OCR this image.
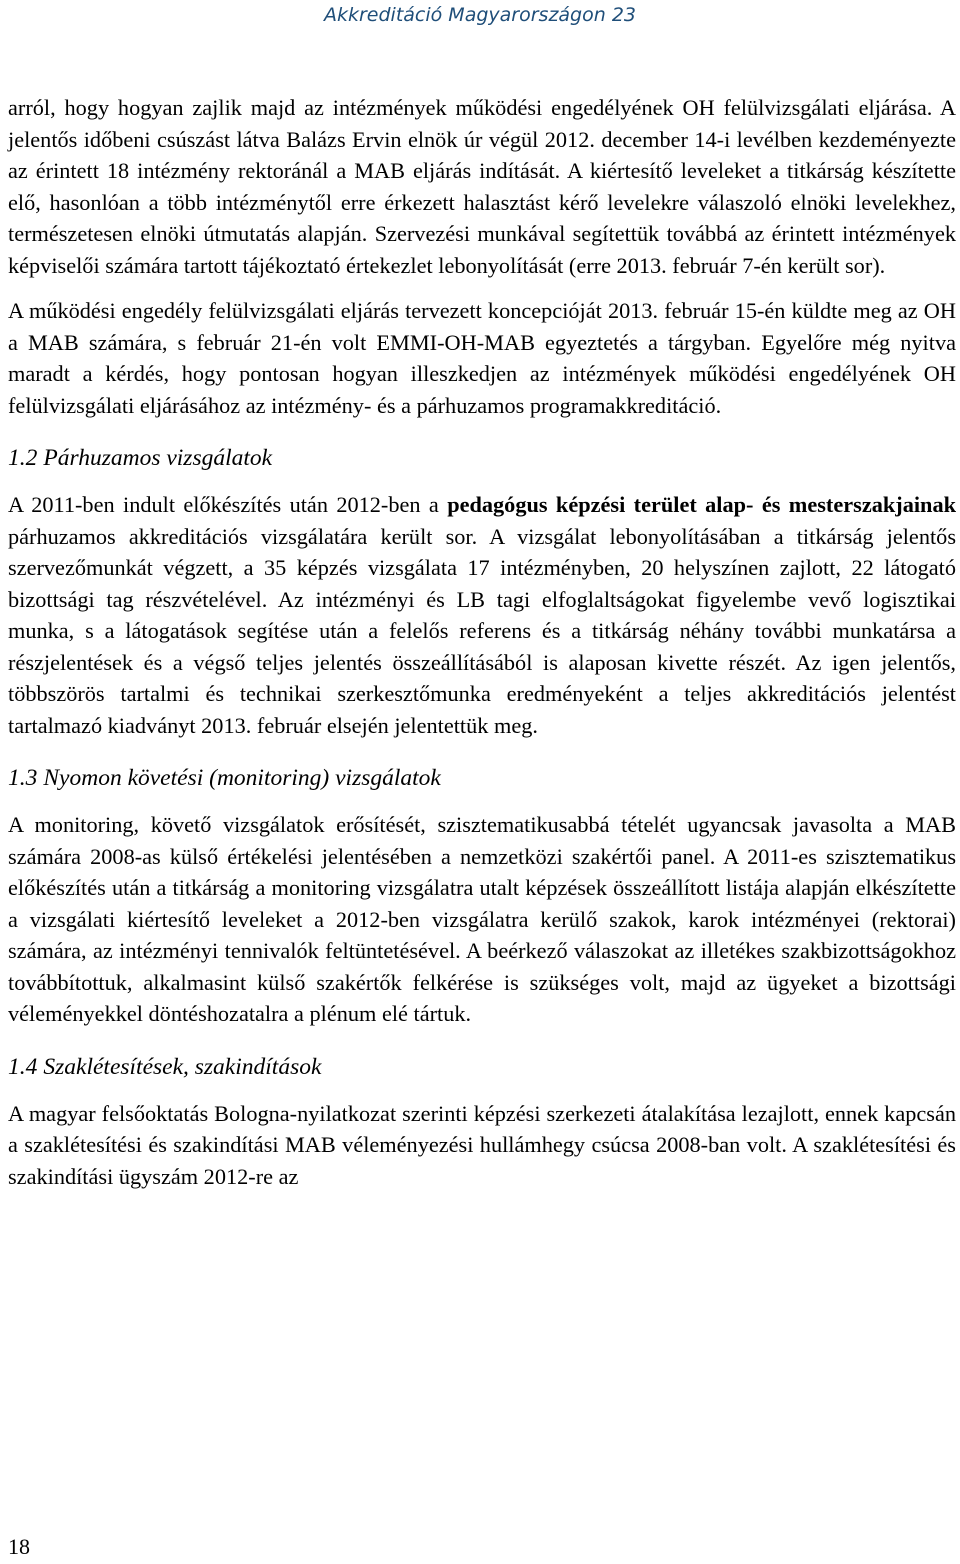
Akkreditáció Magyarországon 23

arról, hogy hogyan zajlik majd az intézmények működési engedélyének OH felülvizsgálati eljárása. A jelentős időbeni csúszást látva Balázs Ervin elnök úr végül 2012. december 14-i levélben kezdeményezte az érintett 18 intézmény rektoránál a MAB eljárás indítását. A kiértesítő leveleket a titkárság készítette elő, hasonlóan a több intézménytől erre érkezett halasztást kérő levelekre válaszoló elnöki levelekhez, természetesen elnöki útmutatás alapján. Szervezési munkával segítettük továbbá az érintett intézmények képviselői számára tartott tájékoztató értekezlet lebonyolítását (erre 2013. február 7-én került sor).

A működési engedély felülvizsgálati eljárás tervezett koncepcióját 2013. február 15-én küldte meg az OH a MAB számára, s február 21-én volt EMMI-OH-MAB egyeztetés a tárgyban. Egyelőre még nyitva maradt a kérdés, hogy pontosan hogyan illeszkedjen az intézmények működési engedélyének OH felülvizsgálati eljárásához az intézmény- és a párhuzamos programakkreditáció.

1.2 Párhuzamos vizsgálatok

A 2011-ben indult előkészítés után 2012-ben a pedagógus képzési terület alap- és mesterszakjainak párhuzamos akkreditációs vizsgálatára került sor. A vizsgálat lebonyolításában a titkárság jelentős szervezőmunkát végzett, a 35 képzés vizsgálata 17 intézményben, 20 helyszínen zajlott, 22 látogató bizottsági tag részvételével. Az intézményi és LB tagi elfoglaltságokat figyelembe vevő logisztikai munka, s a látogatások segítése után a felelős referens és a titkárság néhány további munkatársa a részjelentések és a végső teljes jelentés összeállításából is alaposan kivette részét. Az igen jelentős, többszörös tartalmi és technikai szerkesztőmunka eredményeként a teljes akkreditációs jelentést tartalmazó kiadványt 2013. február elsején jelentettük meg.

1.3 Nyomon követési (monitoring) vizsgálatok

A monitoring, követő vizsgálatok erősítését, szisztematikusabbá tételét ugyancsak javasolta a MAB számára 2008-as külső értékelési jelentésében a nemzetközi szakértői panel. A 2011-es szisztematikus előkészítés után a titkárság a monitoring vizsgálatra utalt képzések összeállított listája alapján elkészítette a vizsgálati kiértesítő leveleket a 2012-ben vizsgálatra kerülő szakok, karok intézményei (rektorai) számára, az intézményi tennivalók feltüntetésével. A beérkező válaszokat az illetékes szakbizottságokhoz továbbítottuk, alkalmasint külső szakértők felkérése is szükséges volt, majd az ügyeket a bizottsági véleményekkel döntéshozatalra a plénum elé tártuk.

1.4 Szaklétesítések, szakindítások

A magyar felsőoktatás Bologna-nyilatkozat szerinti képzési szerkezeti átalakítása lezajlott, ennek kapcsán a szaklétesítési és szakindítási MAB véleményezési hullámhegy csúcsa 2008-ban volt. A szaklétesítési és szakindítási ügyszám 2012-re az

18
